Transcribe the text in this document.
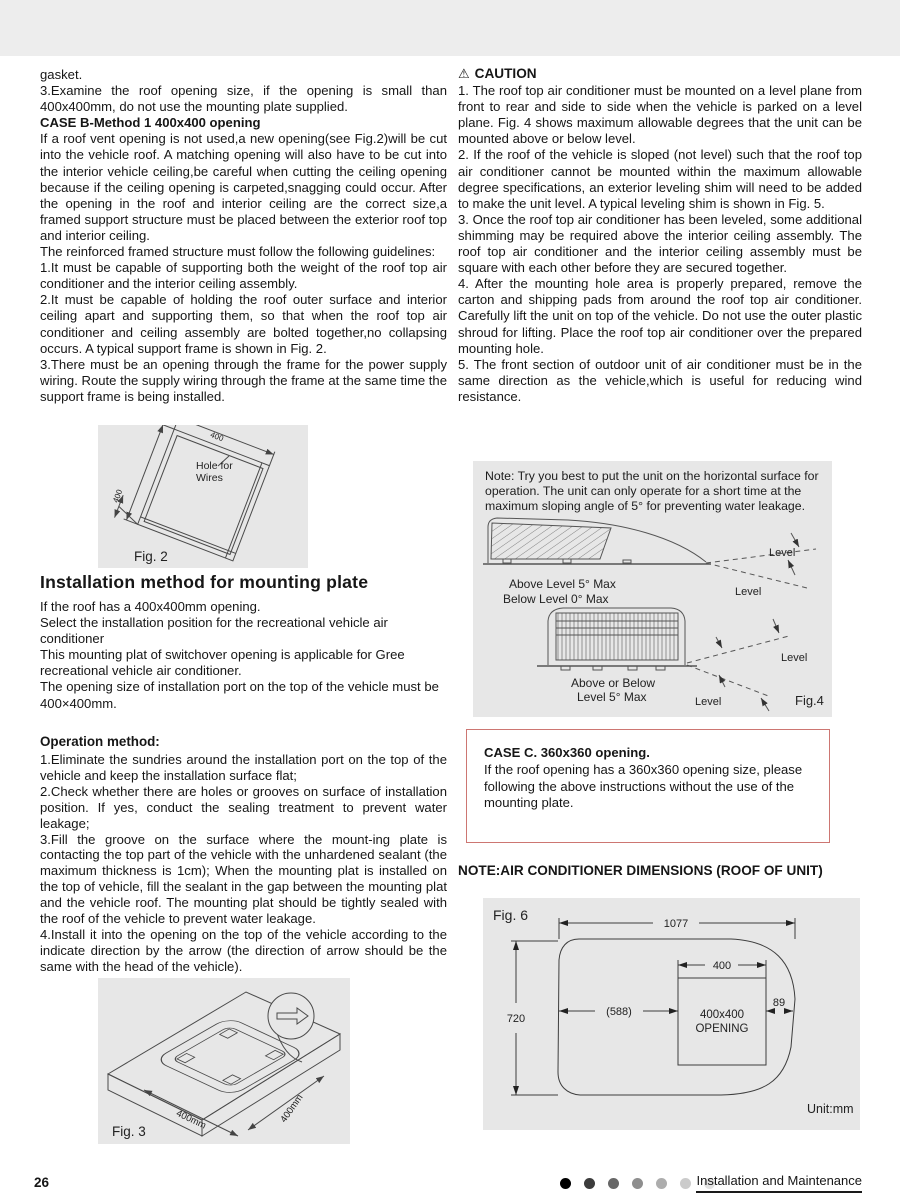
gasket.

3.Examine the roof opening size, if the opening is small than 400x400mm, do not use the mounting plate supplied.

CASE B-Method 1 400x400 opening

If a roof vent opening is not used,a new opening(see Fig.2)will be cut into the vehicle roof. A matching opening will also have to be cut into the interior vehicle ceiling,be careful when cutting the ceiling opening because if the ceiling opening is carpeted,snagging could occur. After the opening in the roof and interior ceiling are the correct size,a framed support structure must be placed between the exterior roof top and interior ceiling.

The reinforced framed structure must follow the following guidelines:

1.It must be capable of supporting both the weight of the roof top air conditioner and the interior ceiling assembly.

2.It must be capable of holding the roof outer surface and interior ceiling apart and supporting them, so that when the roof top air conditioner and ceiling assembly are bolted together,no collapsing occurs. A typical support frame is shown in Fig. 2.

3.There must be an opening through the frame for the power supply wiring. Route the supply wiring through the frame at the same time the support frame is being installed.

400
400
Hole for
Wires
Fig. 2
Installation method for mounting plate

If the roof has a 400x400mm opening.

Select the installation position for the recreational vehicle air conditioner

This mounting plat of switchover opening is applicable for Gree recreational vehicle air conditioner.

The opening size of installation port on the top of the vehicle must be 400×400mm.

Operation method:

1.Eliminate the sundries around the installation port on the top of the vehicle and keep the installation surface flat;

2.Check whether there are holes or grooves on surface of installation position. If yes, conduct the sealing treatment to prevent water leakage;

3.Fill the groove on the surface where the mount-ing plate is contacting the top part of the vehicle with the unhardened sealant (the maximum thickness is 1cm); When the mounting plat is installed on the top of vehicle, fill the sealant in the gap between the mounting plat and the vehicle roof. The mounting plat should be tightly sealed with the roof of the vehicle to prevent water leakage.

4.Install it into the opening on the top of the vehicle according to the indicate direction by the arrow (the direction of arrow should be the same with the head of the vehicle).

400mm	400mm
Fig. 3
⚠ CAUTION

1. The roof top air conditioner must be mounted on a level plane from front to rear and side to side when the vehicle is parked on a level plane. Fig. 4 shows maximum allowable degrees that the unit can be mounted above or below level.

2. If the roof of the vehicle is sloped (not level) such that the roof top air conditioner cannot be mounted within the maximum allowable degree specifications, an exterior leveling shim will need to be added to make the unit level. A typical leveling shim is shown in Fig. 5.

3. Once the roof top air conditioner has been leveled, some additional shimming may be required above the interior ceiling assembly. The roof top air conditioner and the interior ceiling assembly must be square with each other before they are secured together.

4. After the mounting hole area is properly prepared, remove the carton and shipping pads from around the roof top air conditioner. Carefully lift the unit on top of the vehicle. Do not use the outer plastic shroud for lifting. Place the roof top air conditioner over the prepared mounting hole.

5. The front section of outdoor unit of air conditioner must be in the same direction as the vehicle,which is useful for reducing wind resistance.

Note: Try you best to put the unit on the horizontal surface for operation. The unit can only operate for a short time at the maximum sloping angle of 5° for preventing water leakage.
Level
Level
Above Level 5° Max
Below Level 0° Max
Level
Level
Above or Below
Level 5° Max	Fig.4

CASE C. 360x360 opening.

If the roof opening has a 360x360 opening size, please following the above instructions without the use of the mounting plate.

NOTE:AIR CONDITIONER DIMENSIONS (ROOF OF UNIT)
Fig. 6
1077
720
400
(588)
89
400x400
OPENING
Unit:mm
26	Installation and Maintenance
